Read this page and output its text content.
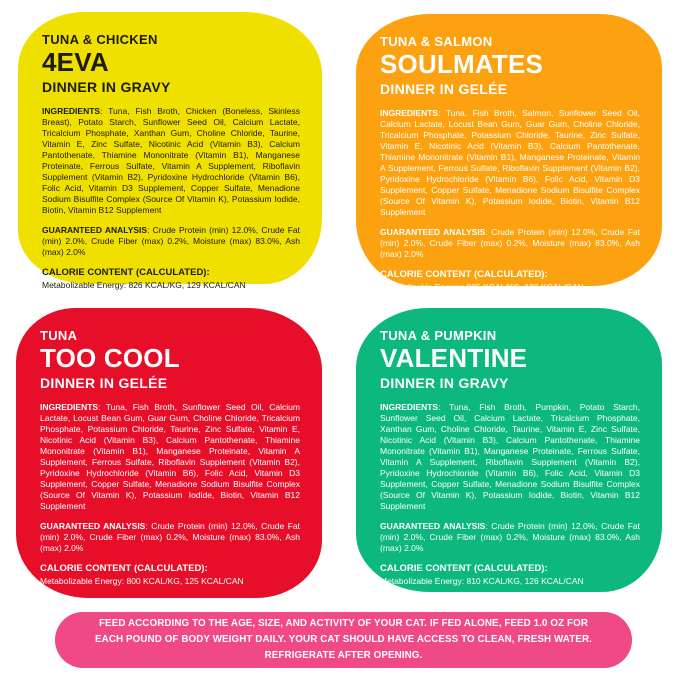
TUNA & CHICKEN
4EVA
DINNER IN GRAVY

INGREDIENTS: Tuna, Fish Broth, Chicken (Boneless, Skinless Breast), Potato Starch, Sunflower Seed Oil, Calcium Lactate, Tricalcium Phosphate, Xanthan Gum, Choline Chloride, Taurine, Vitamin E, Zinc Sulfate, Nicotinic Acid (Vitamin B3), Calcium Pantothenate, Thiamine Mononitrate (Vitamin B1), Manganese Proteinate, Ferrous Sulfate, Vitamin A Supplement, Riboflavin Supplement (Vitamin B2), Pyridoxine Hydrochloride (Vitamin B6), Folic Acid, Vitamin D3 Supplement, Copper Sulfate, Menadione Sodium Bisulfite Complex (Source Of Vitamin K), Potassium Iodide, Biotin, Vitamin B12 Supplement

GUARANTEED ANALYSIS: Crude Protein (min) 12.0%, Crude Fat (min) 2.0%, Crude Fiber (max) 0.2%, Moisture (max) 83.0%, Ash (max) 2.0%

CALORIE CONTENT (CALCULATED):
Metabolizable Energy: 826 KCAL/KG, 129 KCAL/CAN
TUNA & SALMON
SOULMATES
DINNER IN GELÉE

INGREDIENTS: Tuna, Fish Broth, Salmon, Sunflower Seed Oil, Calcium Lactate, Locust Bean Gum, Guar Gum, Choline Chloride, Tricalcium Phosphate, Potassium Chloride, Taurine, Zinc Sulfate, Vitamin E, Nicotinic Acid (Vitamin B3), Calcium Pantothenate, Thiamine Mononitrate (Vitamin B1), Manganese Proteinate, Vitamin A Supplement, Ferrous Sulfate, Riboflavin Supplement (Vitamin B2), Pyridoxine Hydrochloride (Vitamin B6), Folic Acid, Vitamin D3 Supplement, Copper Sulfate, Menadione Sodium Bisulfite Complex (Source Of Vitamin K), Potassium Iodide, Biotin, Vitamin B12 Supplement

GUARANTEED ANALYSIS: Crude Protein (min) 12.0%, Crude Fat (min) 2.0%, Crude Fiber (max) 0.2%, Moisture (max) 83.0%, Ash (max) 2.0%

CALORIE CONTENT (CALCULATED):
Metabolizable Energy: 805 KCAL/KG, 126 KCAL/CAN
TUNA
TOO COOL
DINNER IN GELÉE

INGREDIENTS: Tuna, Fish Broth, Sunflower Seed Oil, Calcium Lactate, Locust Bean Gum, Guar Gum, Choline Chloride, Tricalcium Phosphate, Potassium Chloride, Taurine, Zinc Sulfate, Vitamin E, Nicotinic Acid (Vitamin B3), Calcium Pantothenate, Thiamine Mononitrate (Vitamin B1), Manganese Proteinate, Vitamin A Supplement, Ferrous Sulfate, Riboflavin Supplement (Vitamin B2), Pyridoxine Hydrochloride (Vitamin B6), Folic Acid, Vitamin D3 Supplement, Copper Sulfate, Menadione Sodium Bisulfite Complex (Source Of Vitamin K), Potassium Iodide, Biotin, Vitamin B12 Supplement

GUARANTEED ANALYSIS: Crude Protein (min) 12.0%, Crude Fat (min) 2.0%, Crude Fiber (max) 0.2%, Moisture (max) 83.0%, Ash (max) 2.0%

CALORIE CONTENT (CALCULATED):
Metabolizable Energy: 800 KCAL/KG, 125 KCAL/CAN
TUNA & PUMPKIN
VALENTINE
DINNER IN GRAVY

INGREDIENTS: Tuna, Fish Broth, Pumpkin, Potato Starch, Sunflower Seed Oil, Calcium Lactate, Tricalcium Phosphate, Xanthan Gum, Choline Chloride, Taurine, Vitamin E, Zinc Sulfate, Nicotinic Acid (Vitamin B3), Calcium Pantothenate, Thiamine Mononitrate (Vitamin B1), Manganese Proteinate, Ferrous Sulfate, Vitamin A Supplement, Riboflavin Supplement (Vitamin B2), Pyridoxine Hydrochloride (Vitamin B6), Folic Acid, Vitamin D3 Supplement, Copper Sulfate, Menadione Sodium Bisulfite Complex (Source Of Vitamin K), Potassium Iodide, Biotin, Vitamin B12 Supplement

GUARANTEED ANALYSIS: Crude Protein (min) 12.0%, Crude Fat (min) 2.0%, Crude Fiber (max) 0.2%, Moisture (max) 83.0%, Ash (max) 2.0%

CALORIE CONTENT (CALCULATED):
Metabolizable Energy: 810 KCAL/KG, 126 KCAL/CAN
FEED ACCORDING TO THE AGE, SIZE, AND ACTIVITY OF YOUR CAT. IF FED ALONE, FEED 1.0 OZ FOR EACH POUND OF BODY WEIGHT DAILY. YOUR CAT SHOULD HAVE ACCESS TO CLEAN, FRESH WATER. REFRIGERATE AFTER OPENING.
